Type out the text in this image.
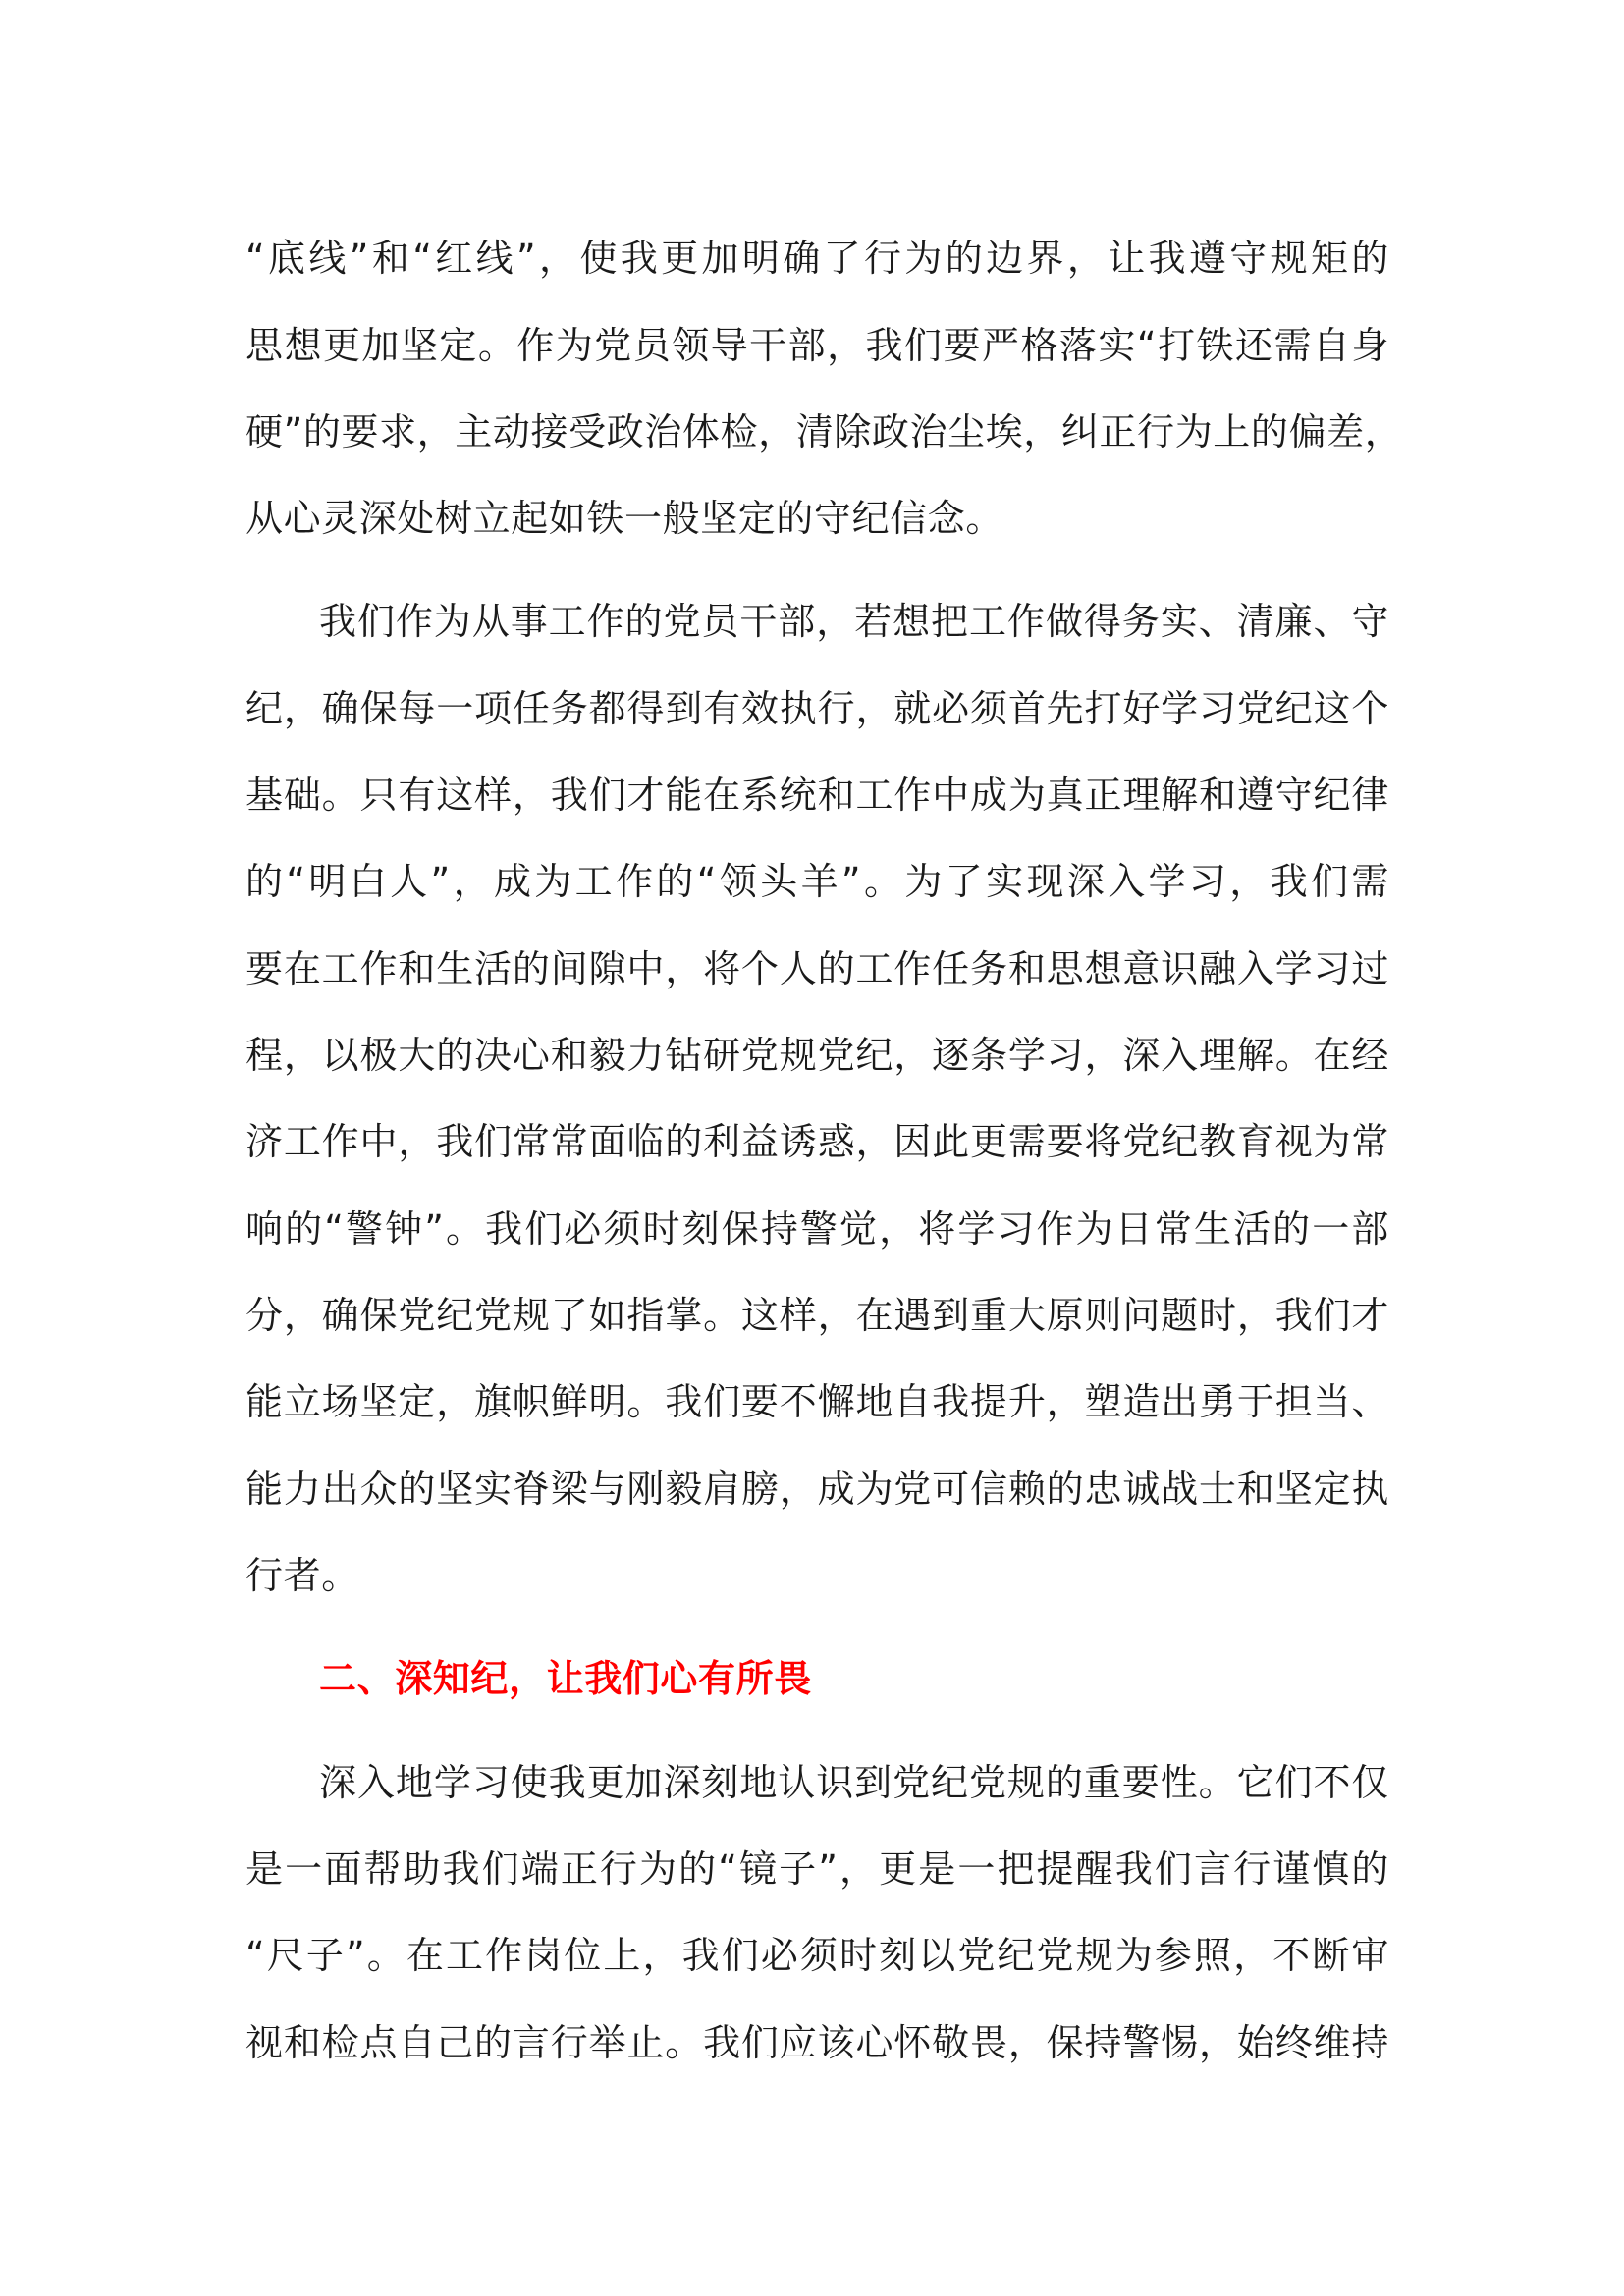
“底线”和“红线”，使我更加明确了行为的边界，让我遵守规矩的
思想更加坚定。作为党员领导干部，我们要严格落实“打铁还需自身
硬”的要求，主动接受政治体检，清除政治尘埃，纠正行为上的偏差，
从心灵深处树立起如铁一般坚定的守纪信念。
我们作为从事工作的党员干部，若想把工作做得务实、清廉、守
纪，确保每一项任务都得到有效执行，就必须首先打好学习党纪这个
基础。只有这样，我们才能在系统和工作中成为真正理解和遵守纪律
的“明白人”，成为工作的“领头羊”。为了实现深入学习，我们需
要在工作和生活的间隙中，将个人的工作任务和思想意识融入学习过
程，以极大的决心和毅力钻研党规党纪，逐条学习，深入理解。在经
济工作中，我们常常面临的利益诱惑，因此更需要将党纪教育视为常
响的“警钟”。我们必须时刻保持警觉，将学习作为日常生活的一部
分，确保党纪党规了如指掌。这样，在遇到重大原则问题时，我们才
能立场坚定，旗帜鲜明。我们要不懈地自我提升，塑造出勇于担当、
能力出众的坚实脊梁与刚毅肩膀，成为党可信赖的忠诚战士和坚定执
行者。
二、深知纪，让我们心有所畏
深入地学习使我更加深刻地认识到党纪党规的重要性。它们不仅
是一面帮助我们端正行为的“镜子”，更是一把提醒我们言行谨慎的
“尺子”。在工作岗位上，我们必须时刻以党纪党规为参照，不断审
视和检点自己的言行举止。我们应该心怀敬畏，保持警惕，始终维持
